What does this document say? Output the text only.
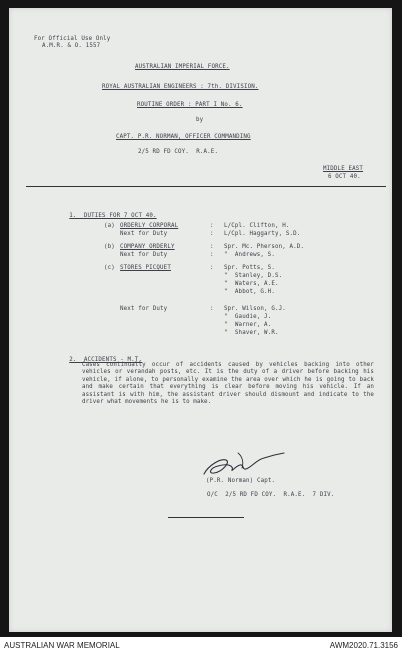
For Official Use Only
A.M.R. & O. 1557
AUSTRALIAN IMPERIAL FORCE.
ROYAL AUSTRALIAN ENGINEERS : 7th. DIVISION.
ROUTINE ORDER : PART I No. 6.
by
CAPT. P.R. NORMAN, OFFICER COMMANDING
2/5 RD FD COY.  R.A.E.
MIDDLE EAST
6 OCT 40.

1.  DUTIES FOR 7 OCT 40.

(a) ORDERLY CORPORAL	: L/Cpl. Clifton, H.
Next for Duty	: L/Cpl. Haggarty, S.D.
(b) COMPANY ORDERLY	: Spr. Mc. Pherson, A.D.
Next for Duty	: "  Andrews, S.
(c) STORES PICQUET	: Spr. Potts, S.
"  Stanley, D.S.
"  Waters, A.E.
"  Abbot, G.H.
Next for Duty	: Spr. Wilson, G.J.
"  Gaudie, J.
"  Warner, A.
"  Shaver, W.R.

2.  ACCIDENTS - M.T.

Cases continually occur of accidents caused by vehicles backing into other vehicles or verandah posts, etc. It is the duty of a driver before backing his vehicle, if alone, to personally examine the area over which he is going to back and make certain that everything is clear before moving his vehicle. If an assistant is with him, the assistant driver should dismount and indicate to the driver what movements he is to make.
(P.R. Norman) Capt.
O/C  2/5 RD FD COY.  R.A.E.  7 DIV.
AUSTRALIAN WAR MEMORIAL	AWM2020.71.3156
